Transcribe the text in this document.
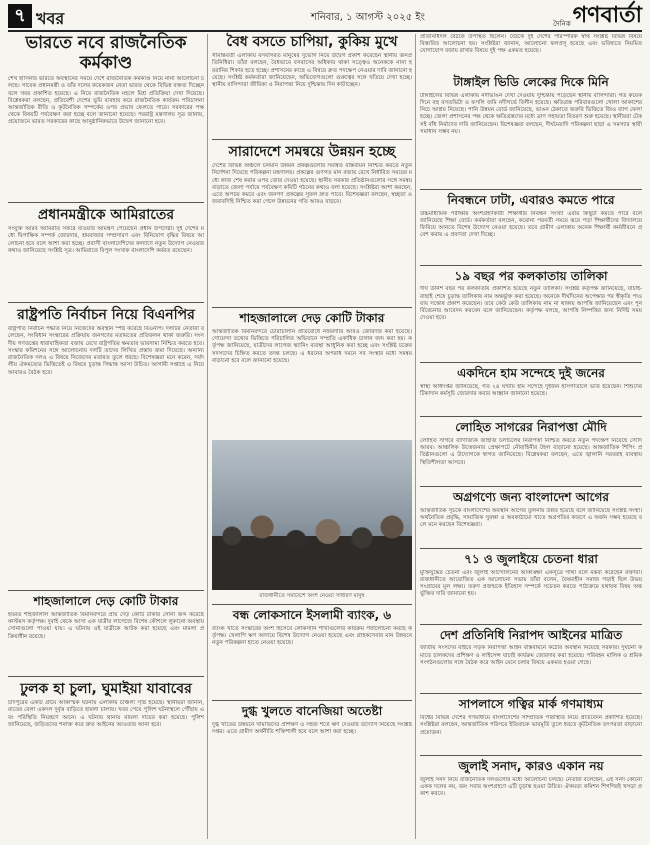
৭ খবর	শনিবার, ১ আগস্ট ২০২৫ ইং
দৈনিক গণবার্তা
ভারতে নবে রাজনৈতিক কর্মকাণ্ড

শেখ হাসিনার ভারতে অবস্থানের সময়ে দেশে রাজনৈতিক কর্মকাণ্ড নিয়ে নানা আলোচনা চলছে। সাবেক প্রধানমন্ত্রী ও তাঁর দলের কয়েকজন নেতা ভারত থেকে বিভিন্ন বক্তব্য দিচ্ছেন বলে খবর প্রকাশিত হয়েছে। এ নিয়ে রাজনৈতিক মহলে মিশ্র প্রতিক্রিয়া দেখা দিয়েছে। বিশ্লেষকরা বলছেন, প্রতিবেশী দেশের ভূমি ব্যবহার করে রাজনৈতিক কার্যক্রম পরিচালনা আন্তর্জাতিক রীতি ও কূটনৈতিক সম্পর্কের ওপর প্রভাব ফেলতে পারে। সরকারের পক্ষ থেকে বিষয়টি পর্যবেক্ষণ করা হচ্ছে বলে জানানো হয়েছে। পররাষ্ট্র মন্ত্রণালয় সূত্র জানায়, প্রয়োজনে ভারত সরকারের কাছে আনুষ্ঠানিকভাবে উদ্বেগ জানানো হবে।

প্রধানমন্ত্রীকে আমিরাতের

সংযুক্ত আরব আমিরাত সফরে যাওয়ার আমন্ত্রণ পেয়েছেন প্রধান উপদেষ্টা। দুই দেশের মধ্যে দ্বিপাক্ষিক সম্পর্ক জোরদার, শ্রমবাজার সম্প্রসারণ এবং বিনিয়োগ বৃদ্ধির বিষয়ে আলোচনা হবে বলে আশা করা হচ্ছে। প্রবাসী বাংলাদেশিদের কল্যাণে নতুন উদ্যোগ নেওয়ার কথাও জানিয়েছে সংশ্লিষ্ট সূত্র। আমিরাতে বিপুল সংখ্যক বাংলাদেশি কর্মরত রয়েছেন।

রাষ্ট্রপতি নির্বাচন নিয়ে বিএনপির

রাষ্ট্রপতি নির্বাচন পদ্ধতি নিয়ে নিজেদের অবস্থান স্পষ্ট করেছে বিএনপি। দলটির নেতারা বলেছেন, সংবিধান সংস্কারের প্রক্রিয়ায় জনগণের মতামতের প্রতিফলন থাকা জরুরি। সংসদীয় গণতন্ত্রের ধারাবাহিকতা বজায় রেখে রাষ্ট্রপতির ক্ষমতার ভারসাম্য নিশ্চিত করতে হবে। সংস্কার কমিশনের সঙ্গে আলোচনায় দলটি তাদের লিখিত প্রস্তাব জমা দিয়েছে। অন্যান্য রাজনৈতিক দলও এ বিষয়ে নিজেদের মতামত তুলে ধরছে। বিশেষজ্ঞরা মনে করেন, সর্বদলীয় ঐকমত্যের ভিত্তিতেই এ বিষয়ে চূড়ান্ত সিদ্ধান্ত আসা উচিত। আগামী সপ্তাহে এ নিয়ে আবারও বৈঠক হবে।

শাহজালালে দেড় কোটি টাকার

হযরত শাহজালাল আন্তর্জাতিক বিমানবন্দরে প্রায় দেড় কোটি টাকার সোনা জব্দ করেছে কাস্টমস কর্তৃপক্ষ। দুবাই থেকে আসা এক যাত্রীর লাগেজে বিশেষ কৌশলে লুকানো অবস্থায় সোনাগুলো পাওয়া যায়। এ ঘটনায় ওই যাত্রীকে আটক করা হয়েছে এবং মামলা প্রক্রিয়াধীন রয়েছে।

ঢুলক হা চুলা, ঘুমাইয়া যাবাবের

চাঁদপুরের একটি গ্রামে আকস্মিক ঘটনায় এলাকায় চাঞ্চল্য সৃষ্টি হয়েছে। স্থানীয়রা জানান, রাতের বেলা একদল দুর্বৃত্ত বাড়িতে হামলা চালায়। খবর পেয়ে পুলিশ ঘটনাস্থলে পৌঁছায় এবং পরিস্থিতি নিয়ন্ত্রণে আনে। এ ঘটনায় থানায় মামলা দায়ের করা হয়েছে। পুলিশ জানিয়েছে, জড়িতদের শনাক্ত করে দ্রুত আইনের আওতায় আনা হবে।

বৈধ বসতে চাপিয়া, কুকিয় মুখে

সীমান্তবর্তী এলাকায় বসবাসরত মানুষের দুর্ভোগ নিয়ে উদ্বেগ প্রকাশ করেছেন স্থানীয় জনপ্রতিনিধিরা। তাঁরা বলছেন, বৈধভাবে বসবাসের অধিকার থাকা সত্ত্বেও অনেককে নানা হয়রানির শিকার হতে হচ্ছে। প্রশাসনের কাছে এ বিষয়ে দ্রুত পদক্ষেপ নেওয়ার দাবি জানানো হয়েছে। সংশ্লিষ্ট কর্মকর্তারা জানিয়েছেন, অভিযোগগুলো গুরুত্বের সঙ্গে খতিয়ে দেখা হচ্ছে। স্থানীয় বাসিন্দারা জীবিকা ও নিরাপত্তা নিয়ে দুশ্চিন্তায় দিন কাটাচ্ছেন।

সারাদেশে সমন্বয়ে উন্নয়ন হচ্ছে

দেশের বিভিন্ন অঞ্চলে চলমান উন্নয়ন প্রকল্পগুলোর সমন্বিত বাস্তবায়ন নিশ্চিত করতে নতুন নির্দেশনা দিয়েছে পরিকল্পনা মন্ত্রণালয়। প্রকল্পের গুণগত মান বজায় রেখে নির্ধারিত সময়ের মধ্যে কাজ শেষ করার ওপর জোর দেওয়া হয়েছে। স্থানীয় সরকার প্রতিষ্ঠানগুলোর সঙ্গে সমন্বয় বাড়াতে জেলা পর্যায়ে পর্যবেক্ষণ কমিটি গঠনের কথাও বলা হয়েছে। সংশ্লিষ্টরা আশা করছেন, এতে অপচয় কমবে এবং জনগণ প্রকল্পের সুফল দ্রুত পাবে। বিশেষজ্ঞরা বলছেন, স্বচ্ছতা ও জবাবদিহি নিশ্চিত করা গেলে উন্নয়নের গতি আরও বাড়বে।

শাহজালালে দেড় কোটি টাকার

আন্তর্জাতিক বিমানবন্দরে চোরাচালান প্রতিরোধে নজরদারি আরও জোরদার করা হয়েছে। গোয়েন্দা তথ্যের ভিত্তিতে পরিচালিত অভিযানে সম্প্রতি একাধিক চালান জব্দ করা হয়। কর্তৃপক্ষ জানিয়েছে, যাত্রীদের লাগেজ স্ক্যানিং ব্যবস্থা আধুনিক করা হচ্ছে এবং সংশ্লিষ্ট চক্রের সদস্যদের চিহ্নিত করতে তদন্ত চলছে। এ ধরনের অপরাধ দমনে সব সংস্থার মধ্যে সমন্বয় বাড়ানো হবে বলে জানানো হয়েছে।

রাজধানীতে সমাবেশে অংশ নেওয়া সাধারণ মানুষ
বন্ধ লোকসানে ইসলামী ব্যাংক, ৬

ব্যাংক খাতে সংস্কারের অংশ হিসেবে লোকসানি শাখাগুলোর কার্যক্রম পর্যালোচনা করছে কর্তৃপক্ষ। খেলাপি ঋণ আদায়ে বিশেষ উদ্যোগ নেওয়া হয়েছে এবং গ্রাহকসেবার মান উন্নয়নে নতুন পরিকল্পনা হাতে নেওয়া হয়েছে।

দুগ্ধ খুলতে বানেজিয়া অতেষ্টা

দুগ্ধ খাতের উন্নয়নে খামারিদের প্রশিক্ষণ ও সহজ শর্তে ঋণ দেওয়ার উদ্যোগ নিয়েছে সংশ্লিষ্ট দপ্তর। এতে গ্রামীণ অর্থনীতি শক্তিশালী হবে বলে আশা করা হচ্ছে।

প্রতিনিধিদল বৈঠকে উপস্থিত ছিলেন। বৈঠকে দুই দেশের পারস্পরিক স্বার্থ সংশ্লিষ্ট বিভিন্ন বিষয়ে বিস্তারিত আলোচনা হয়। সংশ্লিষ্টরা জানান, আলোচনা ফলপ্রসূ হয়েছে এবং ভবিষ্যতে নিয়মিত যোগাযোগ বজায় রাখার বিষয়ে দুই পক্ষ একমত হয়েছে।

টাঙ্গাইল ভিডি লেকের দিকে মিনি

টাঙ্গাইলের বিভিন্ন এলাকায় নদীভাঙন দেখা দেওয়ায় দুশ্চিন্তায় পড়েছেন স্থানীয় বাসিন্দারা। গত কয়েক দিনে বহু বসতভিটা ও ফসলি জমি নদীগর্ভে বিলীন হয়েছে। ক্ষতিগ্রস্ত পরিবারগুলো খোলা আকাশের নিচে আশ্রয় নিয়েছে। পানি উন্নয়ন বোর্ড জানিয়েছে, ভাঙন ঠেকাতে জরুরি ভিত্তিতে জিও ব্যাগ ফেলা হচ্ছে। জেলা প্রশাসনের পক্ষ থেকে ক্ষতিগ্রস্তদের মধ্যে ত্রাণ সহায়তা বিতরণ শুরু হয়েছে। স্থানীয়রা টেকসই বাঁধ নির্মাণের দাবি জানিয়েছেন। বিশেষজ্ঞরা বলছেন, দীর্ঘমেয়াদি পরিকল্পনা ছাড়া এ সমস্যার স্থায়ী সমাধান সম্ভব নয়।

নিবন্ধনে ঢাটা, এবারও কমতে পারে

উচ্চমাধ্যমিক পরীক্ষায় অংশগ্রহণকারী শিক্ষার্থীর নিবন্ধন সংখ্যা এবার কিছুটা কমতে পারে বলে জানিয়েছে শিক্ষা বোর্ড। কর্মকর্তারা বলছেন, করোনা পরবর্তী সময়ে ঝরে পড়া শিক্ষার্থীদের বিদ্যালয়ে ফিরিয়ে আনতে বিশেষ উদ্যোগ নেওয়া হয়েছে। তবে গ্রামীণ এলাকায় অনেক শিক্ষার্থী কর্মজীবনে প্রবেশ করায় এ প্রবণতা দেখা দিচ্ছে।

১৯ বছর পর কলকাতায় তালিকা

দীর্ঘ উনিশ বছর পর কলকাতায় প্রকাশিত হয়েছে নতুন তালিকা। সংশ্লিষ্ট কর্তৃপক্ষ জানিয়েছে, যাচাই-বাছাই শেষে চূড়ান্ত তালিকায় নাম অন্তর্ভুক্ত করা হয়েছে। অনেকে দীর্ঘদিনের অপেক্ষার পর স্বীকৃতি পাওয়ায় সন্তোষ প্রকাশ করেছেন। তবে কেউ কেউ তালিকায় নাম না থাকায় আপত্তি জানিয়েছেন এবং পুনর্বিবেচনার আবেদন করবেন বলে জানিয়েছেন। কর্তৃপক্ষ বলছে, আপত্তি নিষ্পত্তির জন্য নির্দিষ্ট সময় দেওয়া হবে।

একদিনে হাম সন্দেহে দুই জনের

স্বাস্থ্য অধিদপ্তর জানিয়েছে, গত ২৪ ঘণ্টায় হাম সন্দেহে দুইজন হাসপাতালে ভর্তি হয়েছেন। শিশুদের টিকাদান কর্মসূচি জোরদার করার আহ্বান জানানো হয়েছে।

লোহিত সাগরের নিরাপত্তা মৌদি

লোহিত সাগরে বাণিজ্যিক জাহাজ চলাচলের নিরাপত্তা নিশ্চিত করতে নতুন পদক্ষেপ নিয়েছে সৌদি আরব। আঞ্চলিক উত্তেজনার প্রেক্ষাপটে নৌবাহিনীর টহল বাড়ানো হয়েছে। আন্তর্জাতিক শিপিং প্রতিষ্ঠানগুলো এ উদ্যোগকে স্বাগত জানিয়েছে। বিশ্লেষকরা বলছেন, এতে জ্বালানি সরবরাহ ব্যবস্থায় স্থিতিশীলতা আসবে।

অগ্রগণ্যে জন্য বাংলাদেশ আগের

আন্তর্জাতিক সূচকে বাংলাদেশের অবস্থান আগের তুলনায় উন্নত হয়েছে বলে জানিয়েছে সংশ্লিষ্ট সংস্থা। অর্থনৈতিক প্রবৃদ্ধি, সামাজিক সুরক্ষা ও অবকাঠামো খাতে অগ্রগতির কারণে এ অর্জন সম্ভব হয়েছে বলে মনে করছেন বিশেষজ্ঞরা।

৭১ ও জুলাইয়ে চেতনা ধারা

মুক্তিযুদ্ধের চেতনা এবং জুলাই আন্দোলনের আকাঙ্ক্ষা একসূত্রে গাঁথা বলে মন্তব্য করেছেন বক্তারা। রাজধানীতে আয়োজিত এক আলোচনা সভায় তাঁরা বলেন, বৈষম্যহীন সমাজ গড়াই ছিল উভয় সংগ্রামের মূল লক্ষ্য। তরুণ প্রজন্মকে ইতিহাস সম্পর্কে সচেতন করতে পাঠ্যক্রমে যথাযথ বিষয় অন্তর্ভুক্তির দাবি জানানো হয়।

দেশ প্রতিনিধি নিরাপদ আইনের মাত্রিত

জাতীয় সংসদের বাইরে সড়ক নিরাপত্তা আইন বাস্তবায়নে কঠোর অবস্থান নিয়েছে সরকার। দুর্ঘটনা কমাতে চালকদের প্রশিক্ষণ ও লাইসেন্স যাচাই কার্যক্রম জোরদার করা হয়েছে। পরিবহন মালিক ও শ্রমিক সংগঠনগুলোর সঙ্গে বৈঠক করে আইন মেনে চলার বিষয়ে একমত হওয়া গেছে।

সাপলাসে গত্বির মার্ক গণমাধ্যম

বিশ্বের বিভিন্ন দেশের গণমাধ্যমে বাংলাদেশের সাম্প্রতিক পরিস্থিতি নিয়ে প্রতিবেদন প্রকাশিত হয়েছে। সংশ্লিষ্টরা বলছেন, আন্তর্জাতিক পরিসরে ইতিবাচক ভাবমূর্তি তুলে ধরতে কূটনৈতিক তৎপরতা বাড়ানো প্রয়োজন।

জুলাই সনাদ, কারও একান নয়

জুলাই সনদ নিয়ে রাজনৈতিক দলগুলোর মধ্যে আলোচনা চলছে। নেতারা বলেছেন, এই সনদ কোনো একক দলের নয়, বরং সবার অংশগ্রহণে এটি চূড়ান্ত হওয়া উচিত। ঐকমত্য কমিশন শিগগিরই খসড়া প্রকাশ করবে।
